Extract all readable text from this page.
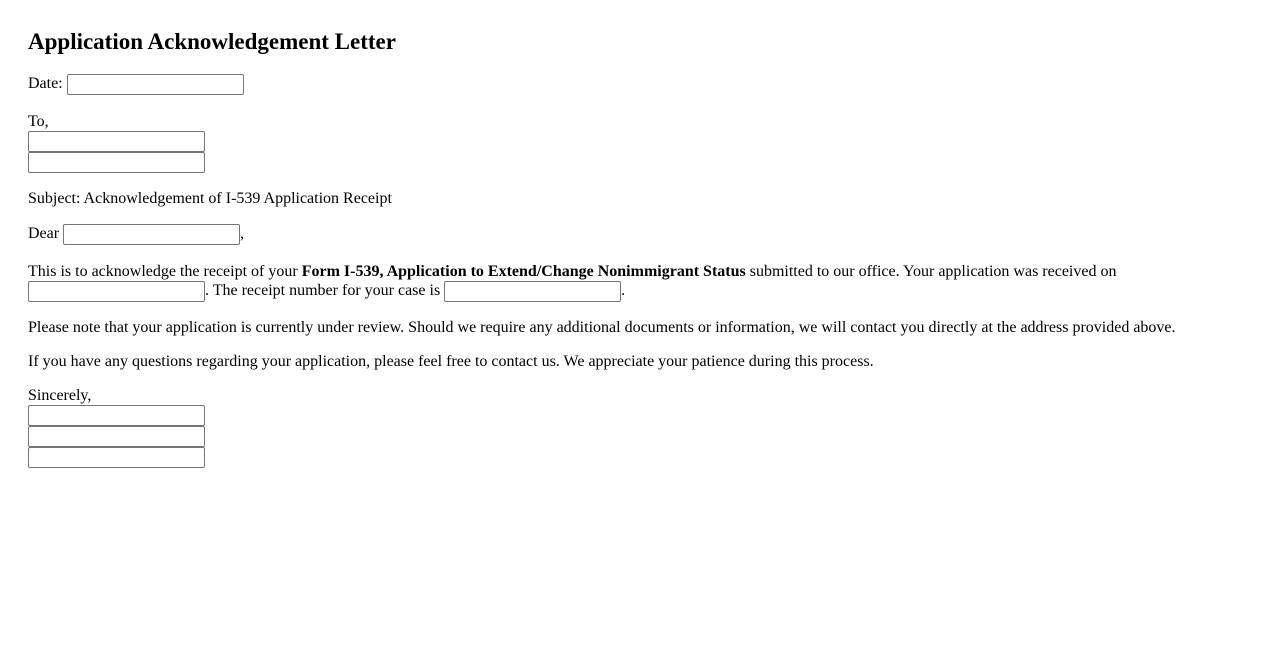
Application Acknowledgement Letter

Date:

To,

Subject: Acknowledgement of I-539 Application Receipt

Dear	,

This is to acknowledge the receipt of your Form I-539, Application to Extend/Change Nonimmigrant Status submitted to our office. Your application was received on
. The receipt number for your case is	.

Please note that your application is currently under review. Should we require any additional documents or information, we will contact you directly at the address provided above.

If you have any questions regarding your application, please feel free to contact us. We appreciate your patience during this process.

Sincerely,
